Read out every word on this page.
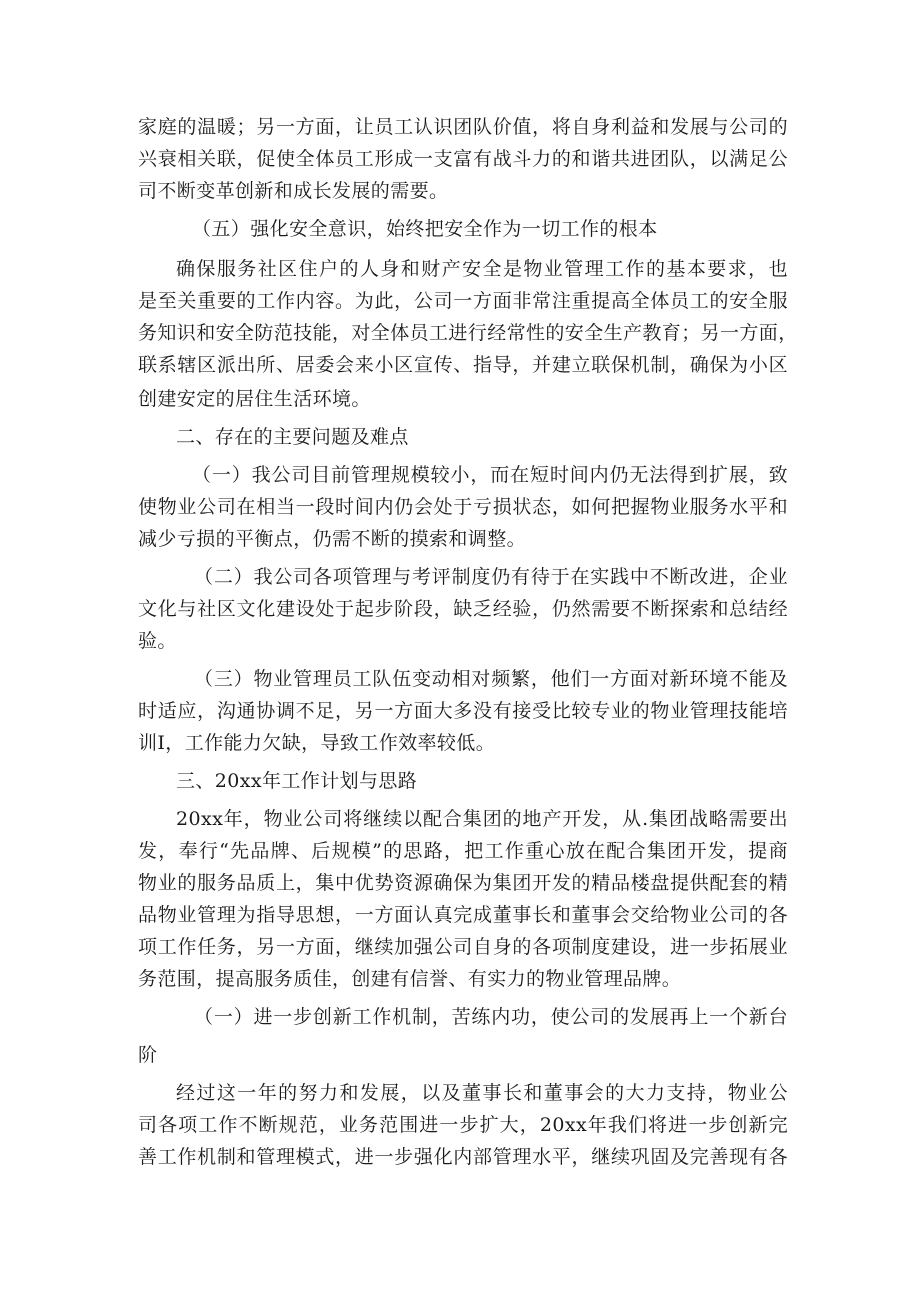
家庭的温暖；另一方面，让员工认识团队价值，将自身利益和发展与公司的
兴衰相关联，促使全体员工形成一支富有战斗力的和谐共进团队，以满足公
司不断变革创新和成长发展的需要。
（五）强化安全意识，始终把安全作为一切工作的根本
确保服务社区住户的人身和财产安全是物业管理工作的基本要求，也
是至关重要的工作内容。为此，公司一方面非常注重提高全体员工的安全服
务知识和安全防范技能，对全体员工进行经常性的安全生产教育；另一方面，
联系辖区派出所、居委会来小区宣传、指导，并建立联保机制，确保为小区
创建安定的居住生活环境。
二、存在的主要问题及难点
（一）我公司目前管理规模较小，而在短时间内仍无法得到扩展，致
使物业公司在相当一段时间内仍会处于亏损状态，如何把握物业服务水平和
减少亏损的平衡点，仍需不断的摸索和调整。
（二）我公司各项管理与考评制度仍有待于在实践中不断改进，企业
文化与社区文化建设处于起步阶段，缺乏经验，仍然需要不断探索和总结经
验。
（三）物业管理员工队伍变动相对频繁，他们一方面对新环境不能及
时适应，沟通协调不足，另一方面大多没有接受比较专业的物业管理技能培
训I，工作能力欠缺，导致工作效率较低。
三、20xx年工作计划与思路
20xx年，物业公司将继续以配合集团的地产开发，从.集团战略需要出
发，奉行“先品牌、后规模”的思路，把工作重心放在配合集团开发，提商
物业的服务品质上，集中优势资源确保为集团开发的精品楼盘提供配套的精
品物业管理为指导思想，一方面认真完成董事长和董事会交给物业公司的各
项工作任务，另一方面，继续加强公司自身的各项制度建设，进一步拓展业
务范围，提高服务质佳，创建有信誉、有实力的物业管理品牌。
（一）进一步创新工作机制，苦练内功，使公司的发展再上一个新台
阶
经过这一年的努力和发展，以及董事长和董事会的大力支持，物业公
司各项工作不断规范，业务范围进一步扩大，20xx年我们将进一步创新完
善工作机制和管理模式，进一步强化内部管理水平，继续巩固及完善现有各
